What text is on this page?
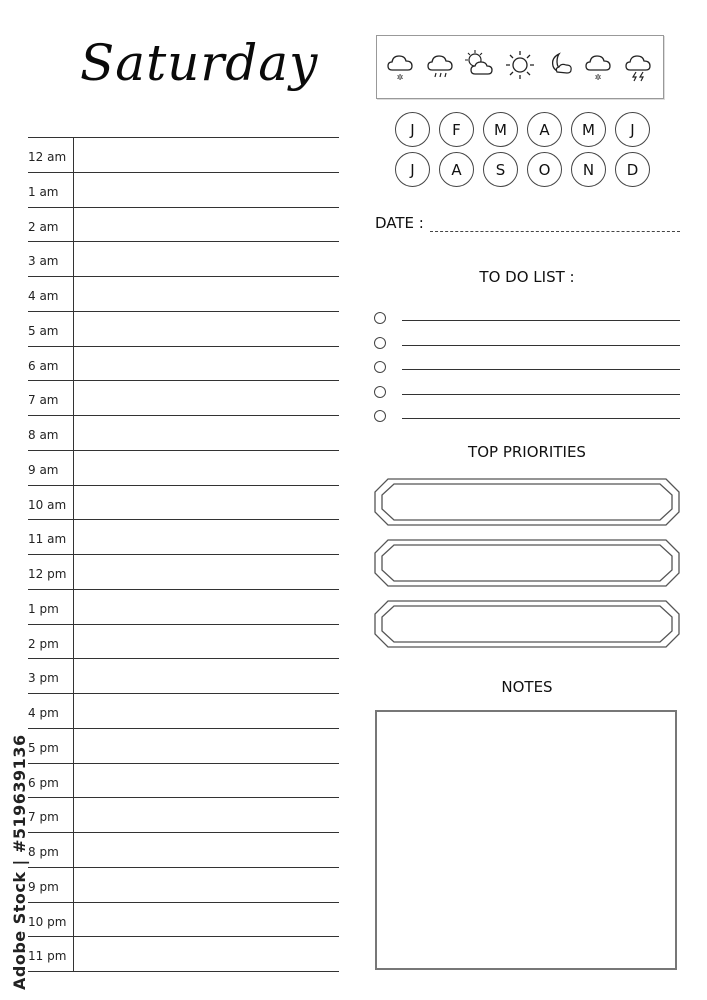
Saturday
12 am
1 am
2 am
3 am
4 am
5 am
6 am
7 am
8 am
9 am
10 am
11 am
12 pm
1 pm
2 pm
3 pm
4 pm
5 pm
6 pm
7 pm
8 pm
9 pm
10 pm
11 pm
✲	✲
J	F	M	A	M	J
J	A	S	O	N	D
DATE :
TO DO LIST :
TOP PRIORITIES
NOTES
Adobe Stock | #519639136
